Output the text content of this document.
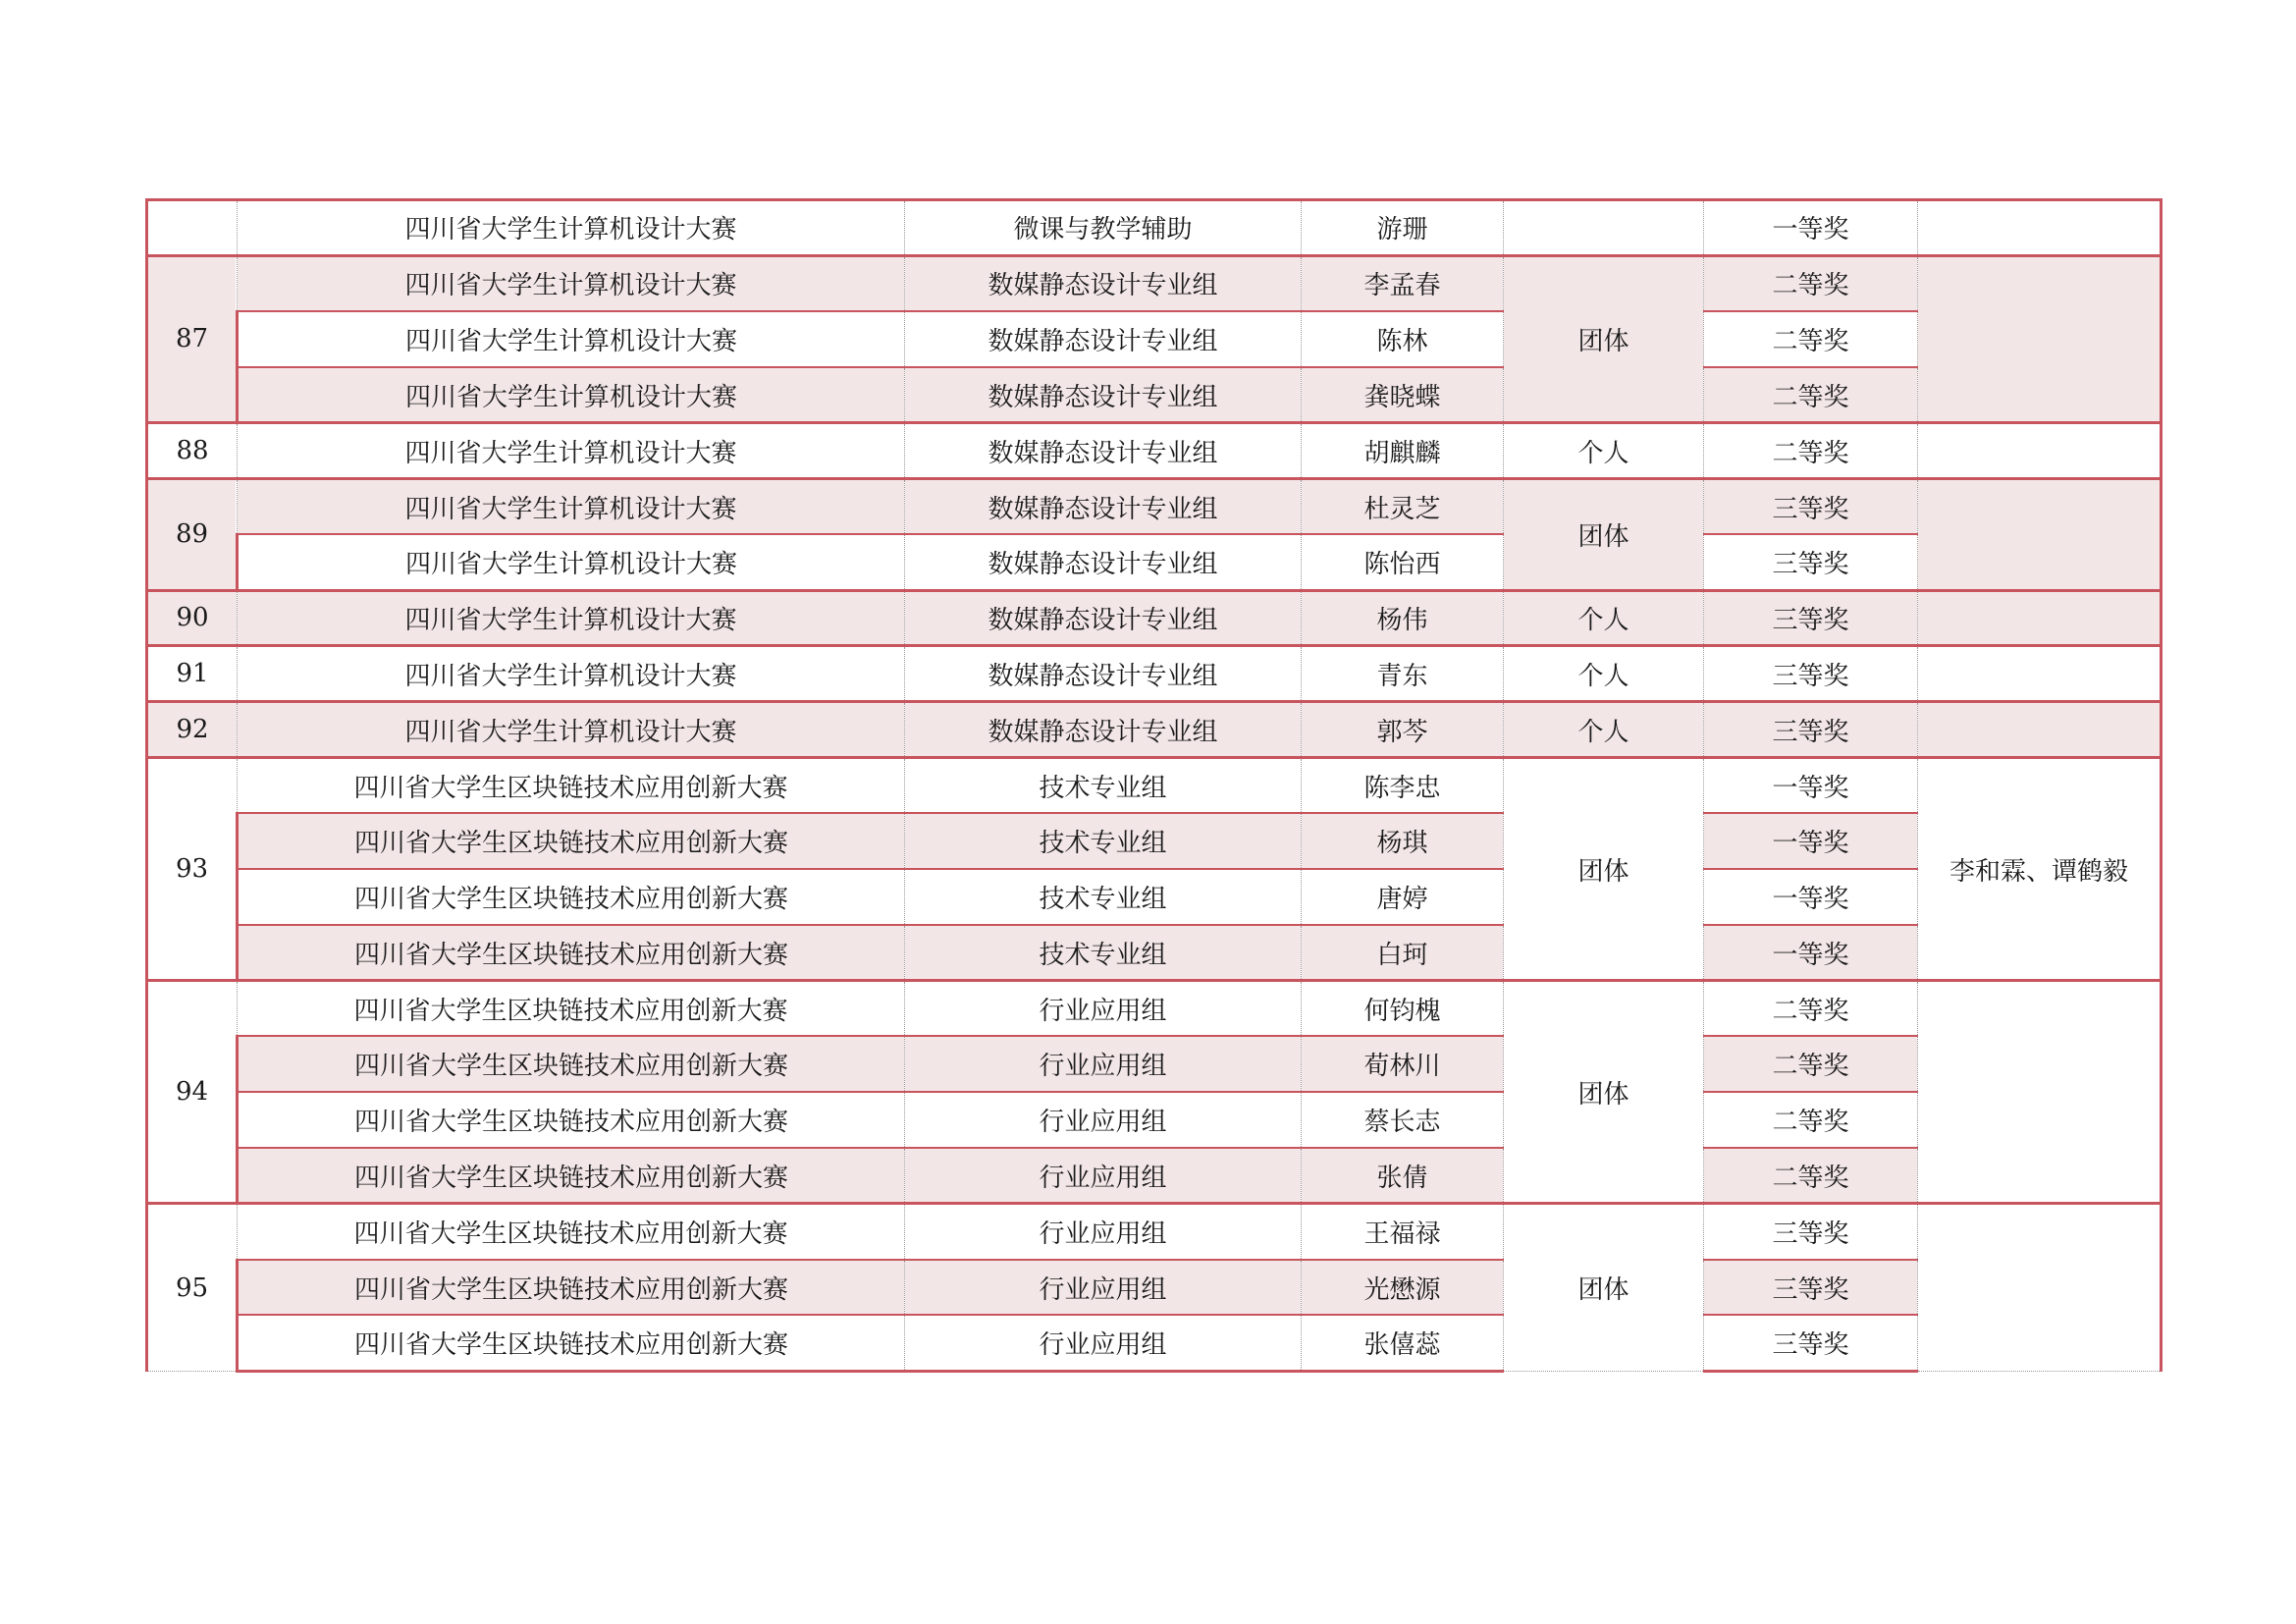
	四川省大学生计算机设计大赛	微课与教学辅助	游珊		一等奖	
87	四川省大学生计算机设计大赛	数媒静态设计专业组	李孟春	团体	二等奖	
	四川省大学生计算机设计大赛	数媒静态设计专业组	陈林		二等奖	
	四川省大学生计算机设计大赛	数媒静态设计专业组	龚晓蝶		二等奖	
88	四川省大学生计算机设计大赛	数媒静态设计专业组	胡麒麟	个人	二等奖	
89	四川省大学生计算机设计大赛	数媒静态设计专业组	杜灵芝	团体	三等奖	
	四川省大学生计算机设计大赛	数媒静态设计专业组	陈怡西		三等奖	
90	四川省大学生计算机设计大赛	数媒静态设计专业组	杨伟	个人	三等奖	
91	四川省大学生计算机设计大赛	数媒静态设计专业组	青东	个人	三等奖	
92	四川省大学生计算机设计大赛	数媒静态设计专业组	郭芩	个人	三等奖	
93	四川省大学生区块链技术应用创新大赛	技术专业组	陈李忠	团体	一等奖	李和霖、谭鹤毅
	四川省大学生区块链技术应用创新大赛	技术专业组	杨琪		一等奖	
	四川省大学生区块链技术应用创新大赛	技术专业组	唐婷		一等奖	
	四川省大学生区块链技术应用创新大赛	技术专业组	白珂		一等奖	
94	四川省大学生区块链技术应用创新大赛	行业应用组	何钧槐	团体	二等奖	
	四川省大学生区块链技术应用创新大赛	行业应用组	荀林川		二等奖	
	四川省大学生区块链技术应用创新大赛	行业应用组	蔡长志		二等奖	
	四川省大学生区块链技术应用创新大赛	行业应用组	张倩		二等奖	
95	四川省大学生区块链技术应用创新大赛	行业应用组	王福禄	团体	三等奖	
	四川省大学生区块链技术应用创新大赛	行业应用组	光懋源		三等奖	
	四川省大学生区块链技术应用创新大赛	行业应用组	张僖蕊		三等奖	
